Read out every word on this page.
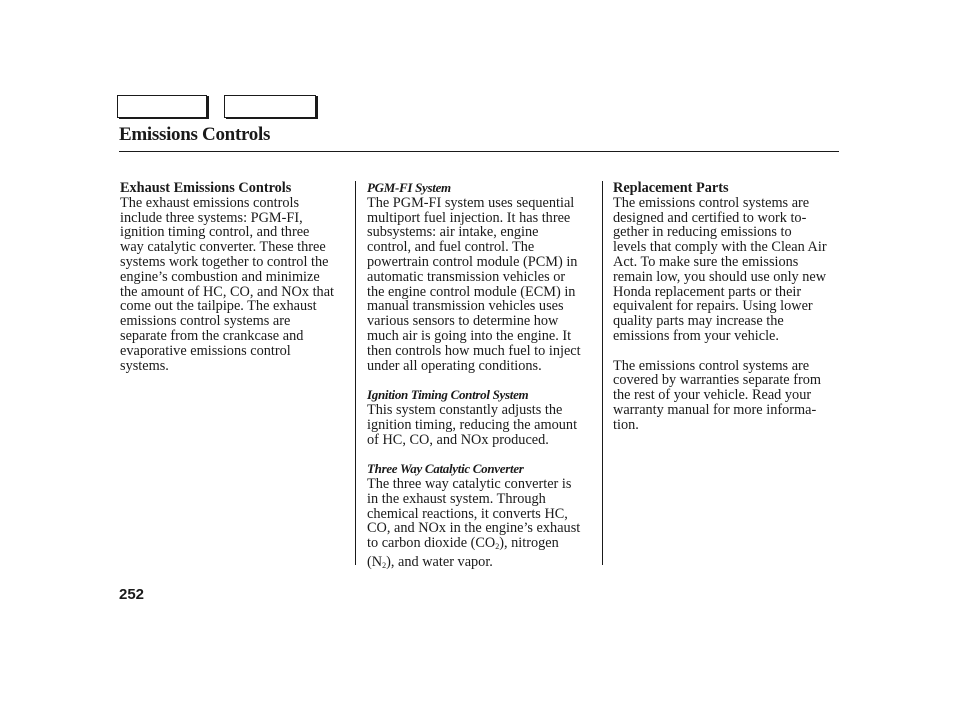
Emissions Controls
Exhaust Emissions Controls

The exhaust emissions controls
include three systems: PGM-FI,
ignition timing control, and three
way catalytic converter. These three
systems work together to control the
engine’s combustion and minimize
the amount of HC, CO, and NOx that
come out the tailpipe. The exhaust
emissions control systems are
separate from the crankcase and
evaporative emissions control
systems.

PGM-FI System

The PGM-FI system uses sequential
multiport fuel injection. It has three
subsystems: air intake, engine
control, and fuel control. The
powertrain control module (PCM) in
automatic transmission vehicles or
the engine control module (ECM) in
manual transmission vehicles uses
various sensors to determine how
much air is going into the engine. It
then controls how much fuel to inject
under all operating conditions.

Ignition Timing Control System

This system constantly adjusts the
ignition timing, reducing the amount
of HC, CO, and NOx produced.

Three Way Catalytic Converter

The three way catalytic converter is
in the exhaust system. Through
chemical reactions, it converts HC,
CO, and NOx in the engine’s exhaust

to carbon dioxide $(CO_2)$, nitrogen
$(N_2)$, and water vapor.
Replacement Parts

The emissions control systems are
designed and certified to work to-
gether in reducing emissions to
levels that comply with the Clean Air
Act. To make sure the emissions
remain low, you should use only new
Honda replacement parts or their
equivalent for repairs. Using lower
quality parts may increase the
emissions from your vehicle.

The emissions control systems are
covered by warranties separate from
the rest of your vehicle. Read your
warranty manual for more informa-
tion.

252
